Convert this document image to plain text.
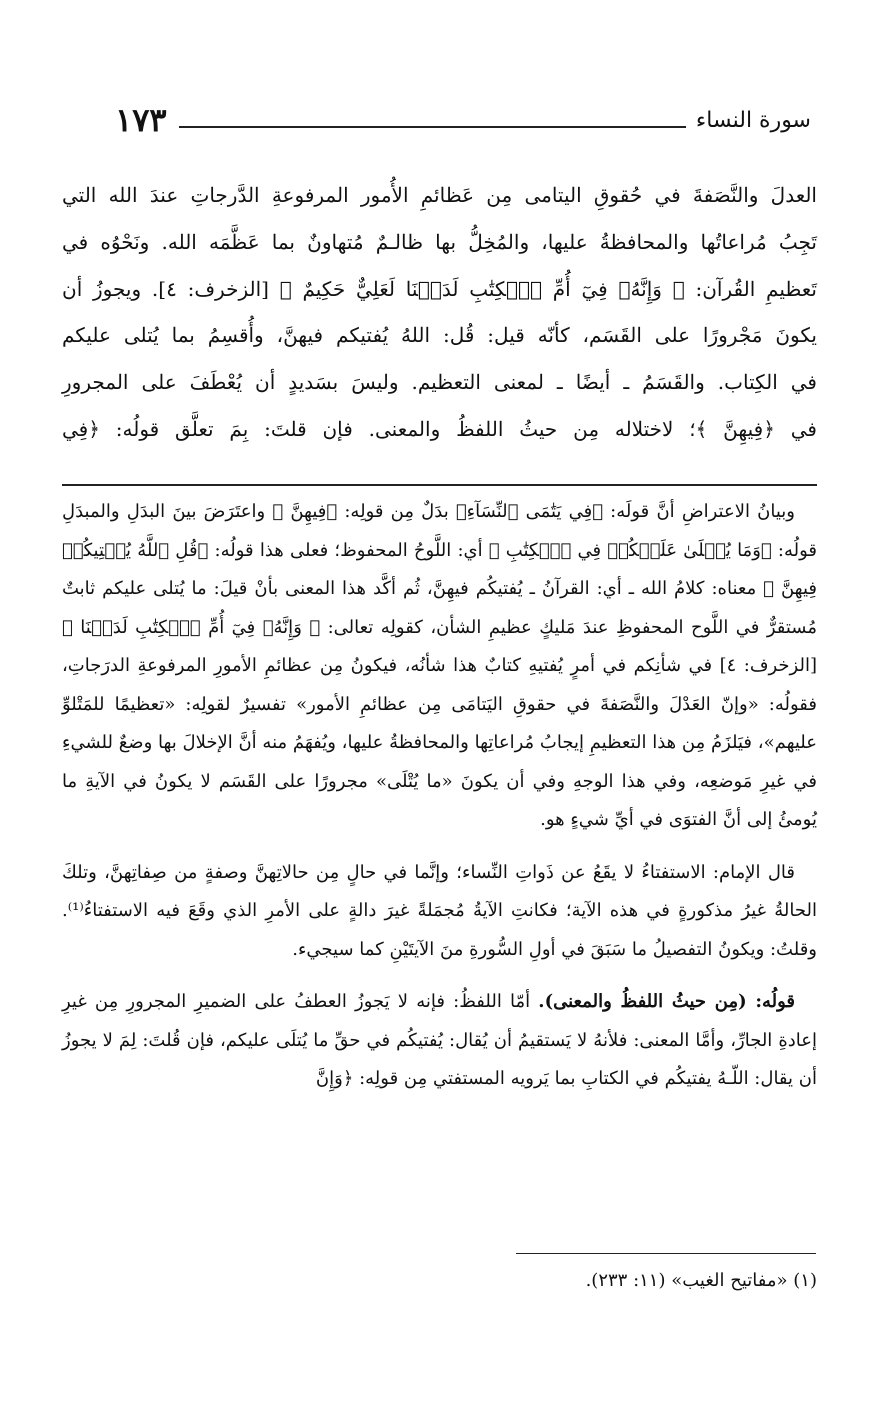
١٧٣	سورة النساء

العدلَ والنَّصَفةَ في حُقوقِ اليتامى مِن عَظائمِ الأُمور المرفوعةِ الدَّرجاتِ عندَ الله التي

تَجِبُ مُراعاتُها والمحافظةُ عليها، والمُخِلُّ بها ظالـمٌ مُتهاونٌ بما عَظَّمَه الله. ونَحْوُه في

تَعظيمِ القُرآن: ﴿ وَإِنَّهُۥ فِيٓ أُمِّ ٱلۡكِتَٰبِ لَدَيۡنَا لَعَلِيٌّ حَكِيمٌ ﴾ [الزخرف: ٤]. ويجوزُ أن

يكونَ مَجْرورًا على القَسَم، كأنّه قيل: قُل: اللهُ يُفتيكم فيهنَّ، وأُقسِمُ بما يُتلى عليكم

في الكِتاب. والقَسَمُ ـ أيضًا ـ لمعنى التعظيم. وليسَ بسَديدٍ أن يُعْطَفَ على المجرورِ

في ﴿فِيهِنَّ ﴾؛ لاختلاله مِن حيثُ اللفظُ والمعنى. فإن قلتَ: بِمَ تعلَّق قولُه: ﴿فِي

وبيانُ الاعتراضِ أنَّ قولَه: ﴿فِي يَتَٰمَى ٱلنِّسَآءِ﴾ بدَلٌ مِن قولِه: ﴿فِيهِنَّ ﴾ واعتَرَضَ بينَ البدَلِ والمبدَلِ قولُه: ﴿وَمَا يُتۡلَىٰ عَلَيۡكُمۡ فِي ٱلۡكِتَٰبِ ﴾ أي: اللَّوحُ المحفوظ؛ فعلى هذا قولُه: ﴿قُلِ ٱللَّهُ يُفۡتِيكُمۡ فِيهِنَّ ﴾ معناه: كلامُ الله ـ أي: القرآنُ ـ يُفتيكُم فيهِنَّ، ثُم أكَّد هذا المعنى بأنْ قيلَ: ما يُتلى عليكم ثابتٌ مُستقرٌّ في اللَّوح المحفوظِ عندَ مَليكٍ عظيمِ الشأن، كقولِه تعالى: ﴿ وَإِنَّهُۥ فِيٓ أُمِّ ٱلۡكِتَٰبِ لَدَيۡنَا ﴾ [الزخرف: ٤] في شأنِكم في أمرٍ يُفتيهِ كتابٌ هذا شأنُه، فيكونُ مِن عظائمِ الأمورِ المرفوعةِ الدرَجاتِ، فقولُه: «وإنّ العَدْلَ والنَّصَفةَ في حقوقِ اليَتامَى مِن عظائمِ الأمور» تفسيرٌ لقولِه: «تعظيمًا للمَتْلوِّ عليهم»، فيَلزَمُ مِن هذا التعظيمِ إيجابُ مُراعاتِها والمحافظةُ عليها، ويُفهَمُ منه أنَّ الإخلالَ بها وضعٌ للشيءِ في غيرِ مَوضعِه، وفي هذا الوجهِ وفي أن يكونَ «ما يُتْلَى» مجرورًا على القَسَم لا يكونُ في الآيةِ ما يُومئُ إلى أنَّ الفتوَى في أيِّ شيءٍ هو.

قال الإمام: الاستفتاءُ لا يقَعُ عن ذَواتِ النِّساء؛ وإنَّما في حالٍ مِن حالاتِهنَّ وصفةٍ من صِفاتِهنَّ، وتلكَ الحالةُ غيرُ مذكورةٍ في هذه الآية؛ فكانتِ الآيةُ مُجمَلةً غيرَ دالةٍ على الأمرِ الذي وقَعَ فيه الاستفتاءُ⁽¹⁾. وقلتُ: ويكونُ التفصيلُ ما سَبَقَ في أولِ السُّورةِ منَ الآيتَيْنِ كما سيجيء.

قولُه: (مِن حيثُ اللفظُ والمعنى). أمّا اللفظُ: فإنه لا يَجوزُ العطفُ على الضميرِ المجرورِ مِن غيرِ إعادةِ الجارِّ، وأمَّا المعنى: فلأنهُ لا يَستقيمُ أن يُقال: يُفتيكُم في حقِّ ما يُتلَى عليكم، فإن قُلتَ: لِمَ لا يجوزُ أن يقال: اللّـهُ يفتيكُم في الكتابِ بما يَرويه المستفتي مِن قولِه: ﴿وَإِنَّ

(١) «مفاتيح الغيب» (١١: ٢٣٣).
